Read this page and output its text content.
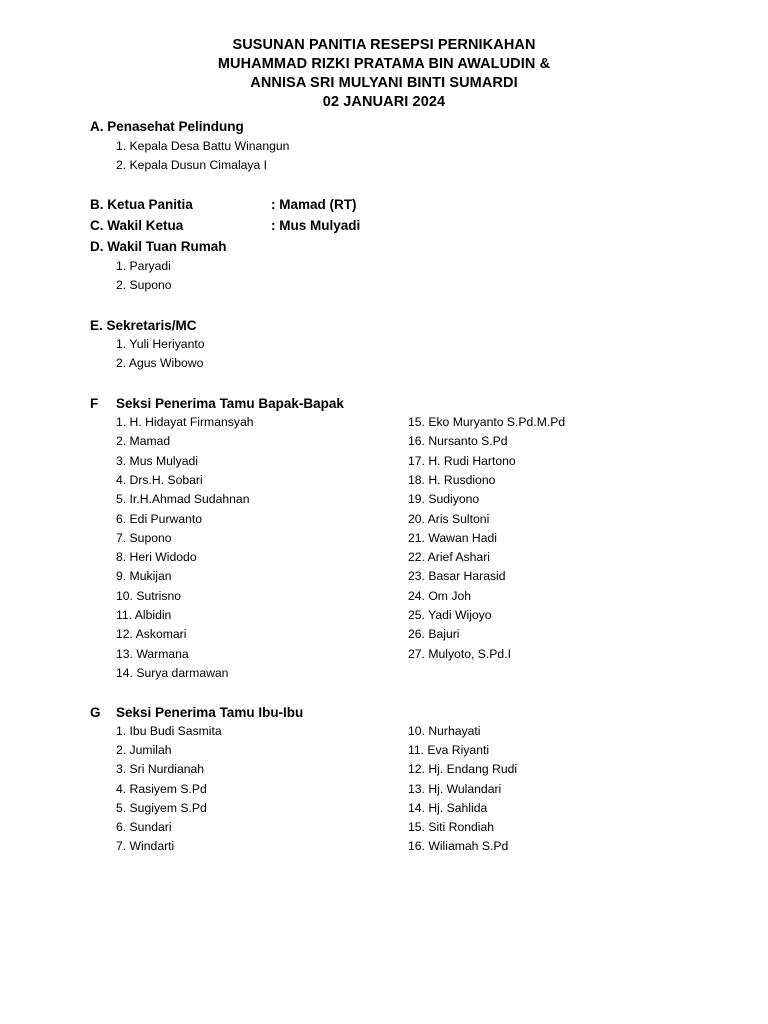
SUSUNAN PANITIA RESEPSI PERNIKAHAN
MUHAMMAD RIZKI PRATAMA BIN AWALUDIN &
ANNISA SRI MULYANI BINTI SUMARDI
02 JANUARI 2024
A. Penasehat Pelindung
1. Kepala Desa Battu Winangun
2. Kepala Dusun Cimalaya I
B. Ketua Panitia	: Mamad (RT)
C. Wakil Ketua	: Mus Mulyadi
D. Wakil Tuan Rumah
1. Paryadi
2. Supono
E. Sekretaris/MC
1. Yuli Heriyanto
2. Agus Wibowo
F Seksi Penerima Tamu Bapak-Bapak
1. H. Hidayat Firmansyah
2. Mamad
3. Mus Mulyadi
4. Drs.H. Sobari
5. Ir.H.Ahmad Sudahnan
6. Edi Purwanto
7. Supono
8. Heri Widodo
9. Mukijan
10. Sutrisno
11. Albidin
12. Askomari
13. Warmana
14. Surya darmawan
15. Eko Muryanto S.Pd.M.Pd
16. Nursanto S.Pd
17. H. Rudi Hartono
18. H. Rusdiono
19. Sudiyono
20. Aris Sultoni
21. Wawan Hadi
22. Arief Ashari
23. Basar Harasid
24. Om Joh
25. Yadi Wijoyo
26. Bajuri
27. Mulyoto, S.Pd.I
G Seksi Penerima Tamu Ibu-Ibu
1. Ibu Budi Sasmita
2. Jumilah
3. Sri Nurdianah
4. Rasiyem S.Pd
5. Sugiyem S.Pd
6. Sundari
7. Windarti
10. Nurhayati
11. Eva Riyanti
12. Hj. Endang Rudi
13. Hj. Wulandari
14. Hj. Sahlida
15. Siti Rondiah
16. Wiliamah S.Pd
